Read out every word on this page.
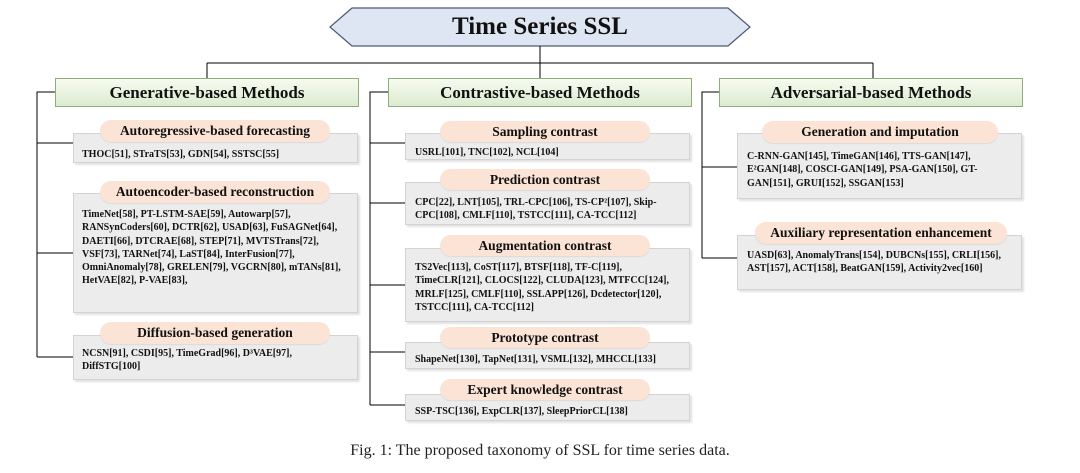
Time Series SSL
Generative-based Methods	Contrastive-based Methods	Adversarial-based Methods
Autoregressive-based forecasting
Autoencoder-based reconstruction
Diffusion-based generation
THOC[51], STraTS[53], GDN[54], SSTSC[55]
TimeNet[58], PT-LSTM-SAE[59], Autowarp[57], RANSynCoders[60], DCTR[62], USAD[63], FuSAGNet[64], DAETI[66], DTCRAE[68], STEP[71], MVTSTrans[72], VSF[73], TARNet[74], LaST[84], InterFusion[77], OmniAnomaly[78], GRELEN[79], VGCRN[80], mTANs[81], HetVAE[82], P-VAE[83],
NCSN[91], CSDI[95], TimeGrad[96], D³VAE[97], DiffSTG[100]
Sampling contrast
Prediction contrast
Augmentation contrast
Prototype contrast
Expert knowledge contrast
USRL[101], TNC[102], NCL[104]
CPC[22], LNT[105], TRL-CPC[106], TS-CP²[107], Skip-CPC[108], CMLF[110], TSTCC[111], CA-TCC[112]
TS2Vec[113], CoST[117], BTSF[118], TF-C[119], TimeCLR[121], CLOCS[122], CLUDA[123], MTFCC[124], MRLF[125], CMLF[110], SSLAPP[126], Dcdetector[120], TSTCC[111], CA-TCC[112]
ShapeNet[130], TapNet[131], VSML[132], MHCCL[133]
SSP-TSC[136], ExpCLR[137], SleepPriorCL[138]
Generation and imputation
Auxiliary representation enhancement
C-RNN-GAN[145], TimeGAN[146], TTS-GAN[147], E²GAN[148], COSCI-GAN[149], PSA-GAN[150], GT-GAN[151], GRUI[152], SSGAN[153]
UASD[63], AnomalyTrans[154], DUBCNs[155], CRLI[156], AST[157], ACT[158], BeatGAN[159], Activity2vec[160]
Fig. 1: The proposed taxonomy of SSL for time series data.
